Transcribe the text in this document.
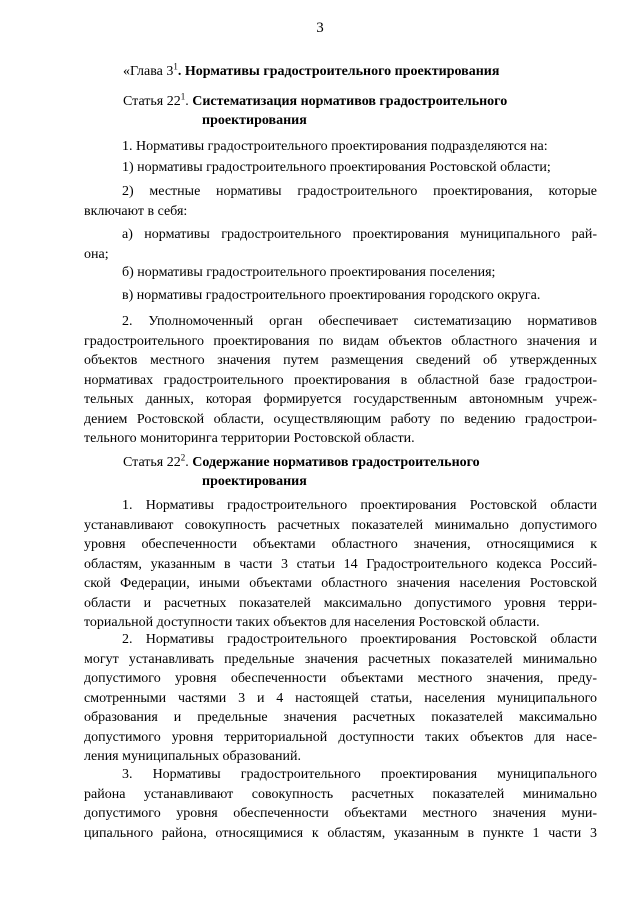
3
«Глава $3^1$. Нормативы градостроительного проектирования
Статья $22^1$. Систематизация нормативов градостроительного
проектирования
1. Нормативы градостроительного проектирования подразделяются на:
1) нормативы градостроительного проектирования Ростовской области;
2) местные нормативы градостроительного проектирования, которые
включают в себя:
а) нормативы градостроительного проектирования муниципального рай-
она;
б) нормативы градостроительного проектирования поселения;
в) нормативы градостроительного проектирования городского округа.
2. Уполномоченный орган обеспечивает систематизацию нормативов
градостроительного проектирования по видам объектов областного значения и
объектов местного значения путем размещения сведений об утвержденных
нормативах градостроительного проектирования в областной базе градострои-
тельных данных, которая формируется государственным автономным учреж-
дением Ростовской области, осуществляющим работу по ведению градострои-
тельного мониторинга территории Ростовской области.
Статья $22^2$. Содержание нормативов градостроительного
проектирования
1. Нормативы градостроительного проектирования Ростовской области
устанавливают совокупность расчетных показателей минимально допустимого
уровня обеспеченности объектами областного значения, относящимися к
областям, указанным в части 3 статьи 14 Градостроительного кодекса Россий-
ской Федерации, иными объектами областного значения населения Ростовской
области и расчетных показателей максимально допустимого уровня терри-
ториальной доступности таких объектов для населения Ростовской области.
2. Нормативы градостроительного проектирования Ростовской области
могут устанавливать предельные значения расчетных показателей минимально
допустимого уровня обеспеченности объектами местного значения, преду-
смотренными частями 3 и 4 настоящей статьи, населения муниципального
образования и предельные значения расчетных показателей максимально
допустимого уровня территориальной доступности таких объектов для насе-
ления муниципальных образований.
3. Нормативы градостроительного проектирования муниципального
района устанавливают совокупность расчетных показателей минимально
допустимого уровня обеспеченности объектами местного значения муни-
ципального района, относящимися к областям, указанным в пункте 1 части 3
